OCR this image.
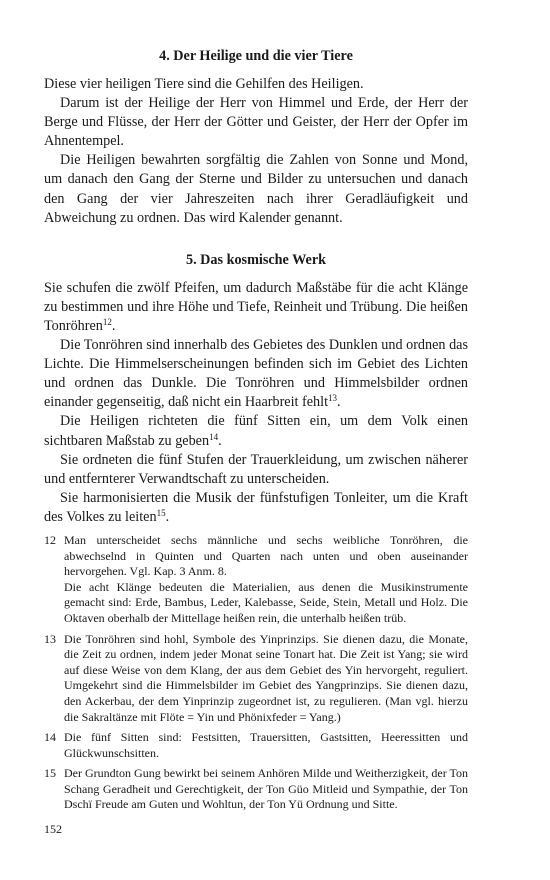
4. Der Heilige und die vier Tiere

Diese vier heiligen Tiere sind die Gehilfen des Heiligen.

Darum ist der Heilige der Herr von Himmel und Erde, der Herr der Berge und Flüsse, der Herr der Götter und Geister, der Herr der Opfer im Ahnentempel.

Die Heiligen bewahrten sorgfältig die Zahlen von Sonne und Mond, um danach den Gang der Sterne und Bilder zu untersuchen und danach den Gang der vier Jahreszeiten nach ihrer Geradläufigkeit und Abweichung zu ordnen. Das wird Kalender genannt.

5. Das kosmische Werk

Sie schufen die zwölf Pfeifen, um dadurch Maßstäbe für die acht Klänge zu bestimmen und ihre Höhe und Tiefe, Reinheit und Trübung. Die heißen Tonröhren$^{12}$.

Die Tonröhren sind innerhalb des Gebietes des Dunklen und ordnen das Lichte. Die Himmelserscheinungen befinden sich im Gebiet des Lichten und ordnen das Dunkle. Die Tonröhren und Himmelsbilder ordnen einander gegenseitig, daß nicht ein Haarbreit fehlt$^{13}$.

Die Heiligen richteten die fünf Sitten ein, um dem Volk einen sichtbaren Maßstab zu geben$^{14}$.

Sie ordneten die fünf Stufen der Trauerkleidung, um zwischen näherer und entfernterer Verwandtschaft zu unterscheiden.

Sie harmonisierten die Musik der fünfstufigen Tonleiter, um die Kraft des Volkes zu leiten$^{15}$.

12 Man unterscheidet sechs männliche und sechs weibliche Tonröhren, die abwechselnd in Quinten und Quarten nach unten und oben auseinander hervorgehen. Vgl. Kap. 3 Anm. 8.

Die acht Klänge bedeuten die Materialien, aus denen die Musikinstrumente gemacht sind: Erde, Bambus, Leder, Kalebasse, Seide, Stein, Metall und Holz. Die Oktaven oberhalb der Mittellage heißen rein, die unterhalb heißen trüb.

13 Die Tonröhren sind hohl, Symbole des Yinprinzips. Sie dienen dazu, die Monate, die Zeit zu ordnen, indem jeder Monat seine Tonart hat. Die Zeit ist Yang; sie wird auf diese Weise von dem Klang, der aus dem Gebiet des Yin hervorgeht, reguliert. Umgekehrt sind die Himmelsbilder im Gebiet des Yangprinzips. Sie dienen dazu, den Ackerbau, der dem Yinprinzip zugeordnet ist, zu regulieren. (Man vgl. hierzu die Sakraltänze mit Flöte = Yin und Phönixfeder = Yang.)

14 Die fünf Sitten sind: Festsitten, Trauersitten, Gastsitten, Heeressitten und Glückwunschsitten.

15 Der Grundton Gung bewirkt bei seinem Anhören Milde und Weitherzigkeit, der Ton Schang Geradheit und Gerechtigkeit, der Ton Güo Mitleid und Sympathie, der Ton Dschï Freude am Guten und Wohltun, der Ton Yü Ordnung und Sitte.

152
